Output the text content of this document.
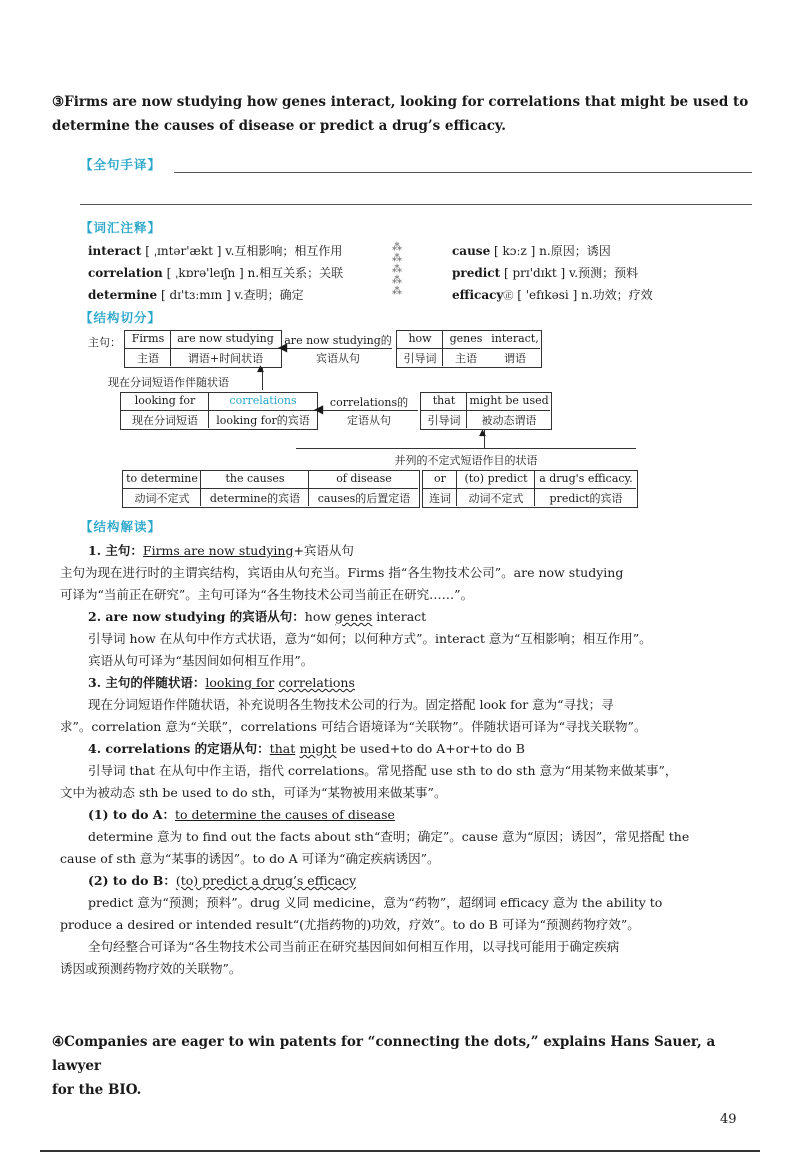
③Firms are now studying how genes interact, looking for correlations that might be used to
determine the causes of disease or predict a drug’s efficacy.
【全句手译】
【词汇注释】
interact [ ˌɪntər'ækt ] v.互相影响；相互作用
correlation [ ˌkɒrə'leɪʃn ] n.相互关系；关联
determine [ dɪ'tɜːmɪn ] v.查明；确定
⁂
⁂
⁂
⁂
⁂
cause [ kɔːz ] n.原因；诱因
predict [ prɪ'dɪkt ] v.预测；预料
efficacy㊣ [ 'efɪkəsi ] n.功效；疗效
【结构切分】
主句： Firms	are now studying
主语	谓语+时间状语
◀
are now studying的
宾语从句
how	genes interact,
引导词	主语	谓语
现在分词短语作伴随状语
▲
looking for	correlations
现在分词短语	looking for的宾语
◀ correlations的
定语从句
that	might be used
引导词	被动态谓语
▲
并列的不定式短语作目的状语
to determine	the causes	of disease
动词不定式	determine的宾语	causes的后置定语
or	(to) predict	a drug's efficacy.
连词	动词不定式	predict的宾语
【结构解读】
1. 主句：Firms are now studying+宾语从句
主句为现在进行时的主谓宾结构，宾语由从句充当。Firms 指“各生物技术公司”。are now studying
可译为“当前正在研究”。主句可译为“各生物技术公司当前正在研究……”。
2. are now studying 的宾语从句：how genes interact
引导词 how 在从句中作方式状语，意为“如何；以何种方式”。interact 意为“互相影响；相互作用”。
宾语从句可译为“基因间如何相互作用”。
3. 主句的伴随状语：looking for correlations
现在分词短语作伴随状语，补充说明各生物技术公司的行为。固定搭配 look for 意为“寻找；寻
求”。correlation 意为“关联”，correlations 可结合语境译为“关联物”。伴随状语可译为“寻找关联物”。
4. correlations 的定语从句：that might be used+to do A+or+to do B
引导词 that 在从句中作主语，指代 correlations。常见搭配 use sth to do sth 意为“用某物来做某事”，
文中为被动态 sth be used to do sth，可译为“某物被用来做某事”。
(1) to do A：to determine the causes of disease
determine 意为 to find out the facts about sth“查明；确定”。cause 意为“原因；诱因”，常见搭配 the
cause of sth 意为“某事的诱因”。to do A 可译为“确定疾病诱因”。
(2) to do B：(to) predict a drug’s efficacy
predict 意为“预测；预料”。drug 义同 medicine，意为“药物”，超纲词 efficacy 意为 the ability to
produce a desired or intended result“(尤指药物的)功效，疗效”。to do B 可译为“预测药物疗效”。
全句经整合可译为“各生物技术公司当前正在研究基因间如何相互作用，以寻找可能用于确定疾病
诱因或预测药物疗效的关联物”。
④Companies are eager to win patents for “connecting the dots,” explains Hans Sauer, a lawyer
for the BIO.
49
